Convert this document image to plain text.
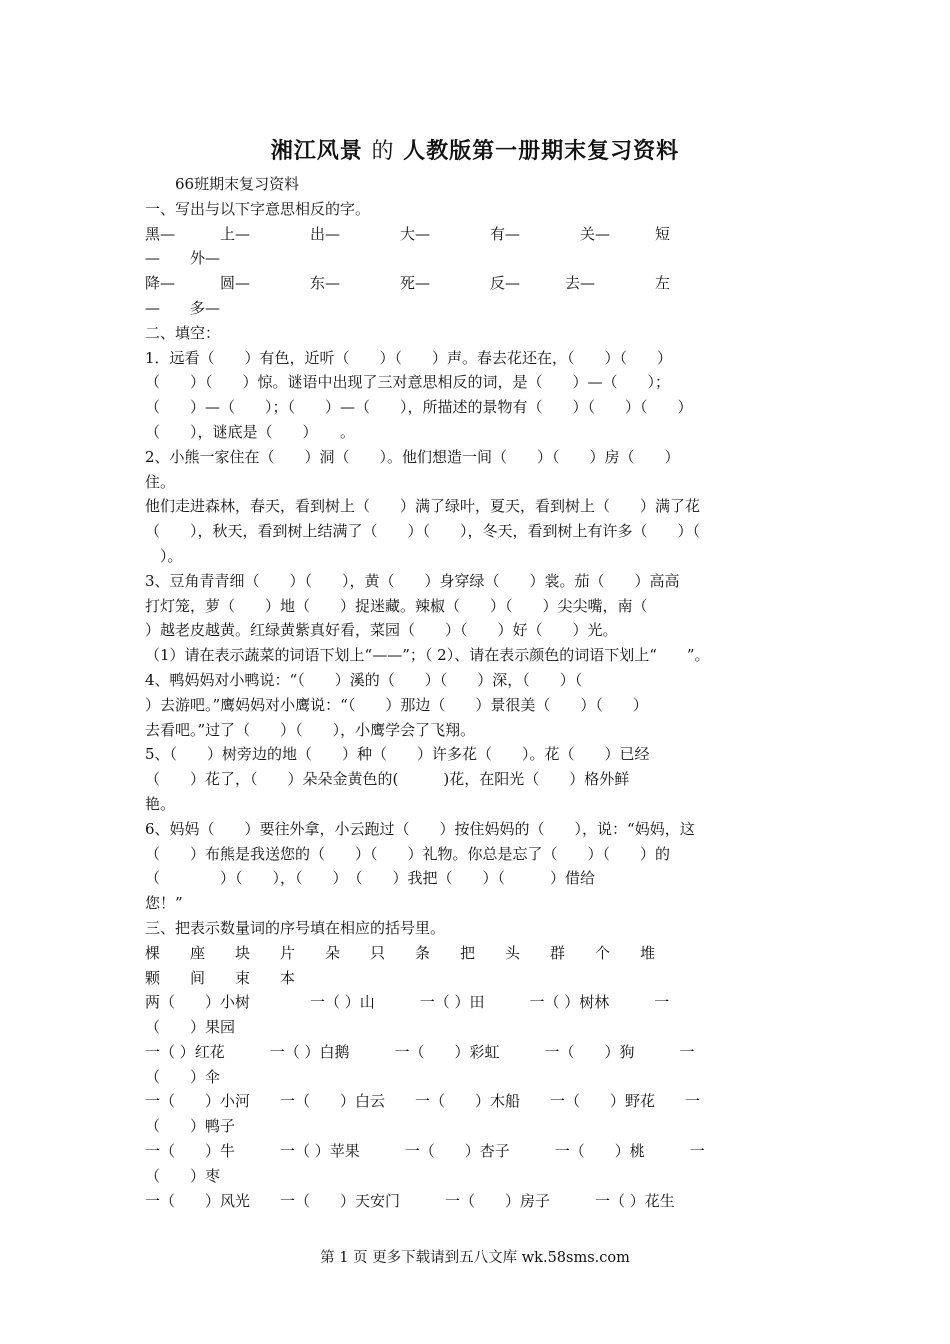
湘江风景 的 人教版第一册期末复习资料
66班期末复习资料
一、写出与以下字意思相反的字。
黑—　　　上—　　　　出—　　　　大—　　　　有—　　　　关—　　　短
—　　外—
降—　　　圆—　　　　东—　　　　死—　　　　反—　　　去—　　　　左
—　　多—
二、填空：
1．远看（　　）有色，近听（　　）（　　）声。春去花还在，（　　）（　　）
（　　）（　　）惊。谜语中出现了三对意思相反的词，是（　　）—（　　）；
（　　）—（　　）；（　　）—（　　），所描述的景物有（　　）（　　）（　　）
（　　），谜底是（　　）　　。
2、小熊一家住在（　　）洞（　　）。他们想造一间（　　）（　　）房（　　）
住。
他们走进森林，春天，看到树上（　　）满了绿叶，夏天，看到树上（　　）满了花
（　　），秋天，看到树上结满了（　　）（　　），冬天，看到树上有许多（　　）（
　）。
3、豆角青青细（　　）（　　），黄（　　）身穿绿（　　）裳。茄（　　）高高
打灯笼，萝（　　）地（　　）捉迷藏。辣椒（　　）（　　）尖尖嘴，南（
）越老皮越黄。红绿黄紫真好看，菜园（　　）（　　）好（　　）光。
（1）请在表示蔬菜的词语下划上“——”；（ 2）、请在表示颜色的词语下划上“　　”。
4、鸭妈妈对小鸭说：“（　　）溪的（　　）（　　）深，（　　）（
）去游吧。”鹰妈妈对小鹰说：“（　　）那边（　　）景很美（　　）（　　）
去看吧。”过了（　　）（　　），小鹰学会了飞翔。
5、（　　）树旁边的地（　　）种（　　）许多花（　　）。花（　　）已经
（　　）花了，（　　）朵朵金黄色的(　　　)花，在阳光（　　）格外鲜
艳。
6、妈妈（　　）要往外拿，小云跑过（　　）按住妈妈的（　　），说：“妈妈，这
（　　）布熊是我送您的（　　）（　　）礼物。你总是忘了（　　）（　　）的
（　　　　）（　　），（　　）　（　　）我把（　　）（　　　）借给
您！”
三、把表示数量词的序号填在相应的括号里。
棵　　座　　块　　片　　朵　　只　　条　　把　　头　　群　　个　　堆
颗　　间　　束　　本
两（　　）小树　　　　一（ ）山　　　一（ ）田　　　一（ ）树林　　　一
（　　）果园
一（ ）红花　　　一（ ）白鹅　　　一（　　）彩虹　　　一（　　）狗　　　一
（　　）伞
一（　　）小河　　一（　　）白云　　一（　　）木船　　一（　　）野花　　一
（　　）鸭子
一（　　）牛　　　一（ ）苹果　　　一（　　）杏子　　　一（　　）桃　　　一
（　　）枣
一（　　）风光　　一（　　）天安门　　　一（　　）房子　　　一（ ）花生
第 1 页 更多下载请到五八文库 wk.58sms.com
